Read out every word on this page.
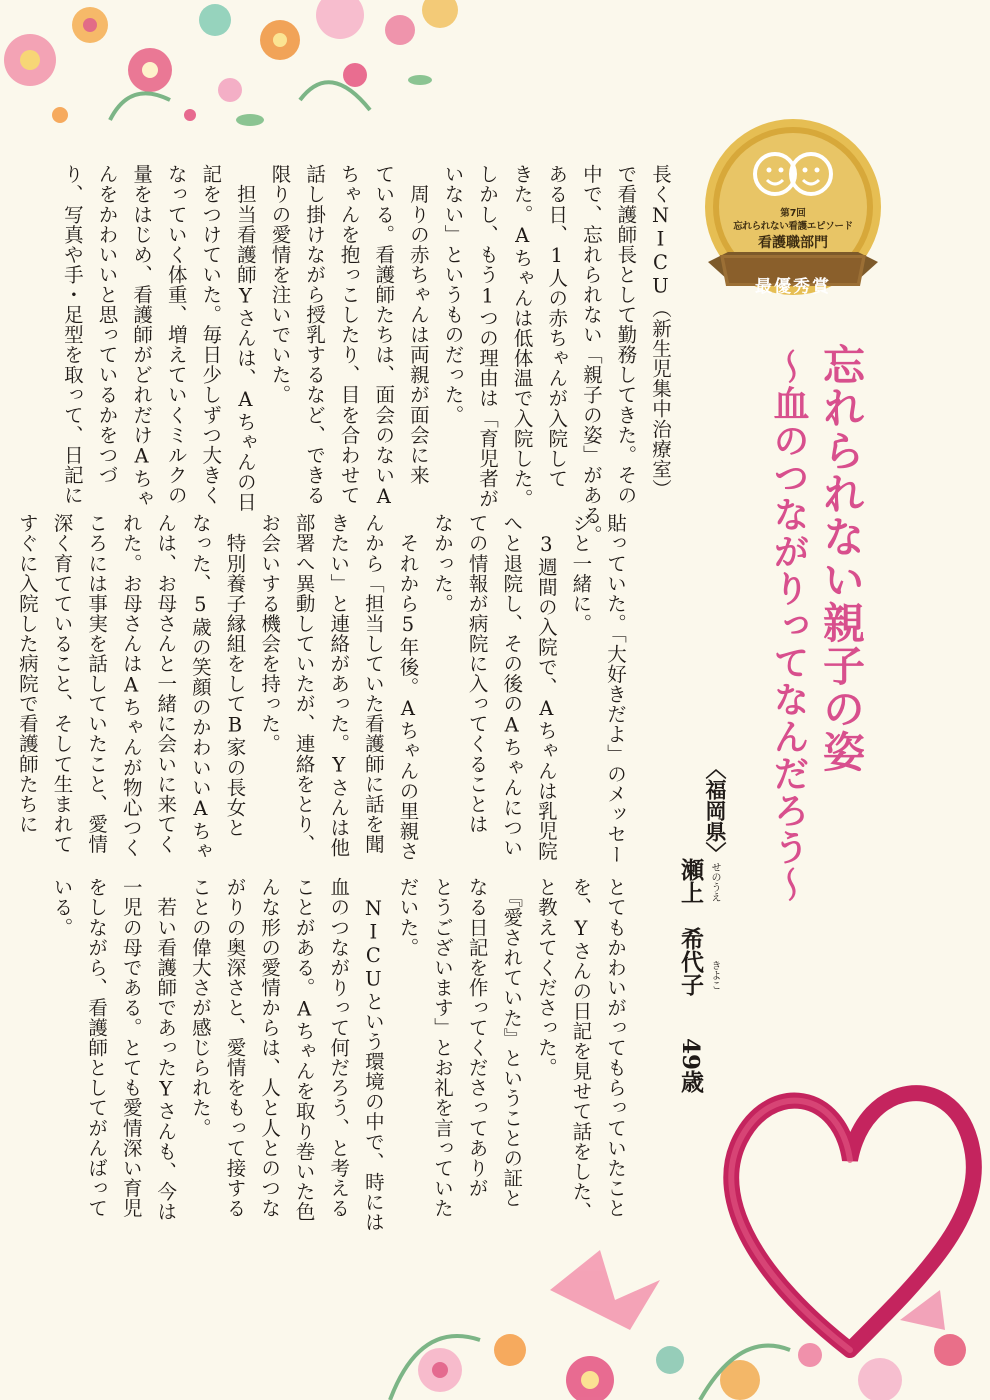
第7回
忘れられない看護エピソード
看護職部門
最優秀賞
忘れられない親子の姿
〜血のつながりってなんだろう〜
〈福岡県〉
瀬上　希代子 せのうえ
きよこ
49歳
長くNICU（新生児集中治療室）
で看護師長として勤務してきた。その
中で、忘れられない「親子の姿」がある。
ある日、1人の赤ちゃんが入院して
きた。Aちゃんは低体温で入院した。
しかし、もう1つの理由は「育児者が
いない」というものだった。
　周りの赤ちゃんは両親が面会に来
ている。看護師たちは、面会のないA
ちゃんを抱っこしたり、目を合わせて
話し掛けながら授乳するなど、できる
限りの愛情を注いでいた。
　担当看護師Yさんは、Aちゃんの日
記をつけていた。毎日少しずつ大きく
なっていく体重、増えていくミルクの
量をはじめ、看護師がどれだけAちゃ
んをかわいいと思っているかをつづ
り、写真や手・足型を取って、日記に
貼っていた。「大好きだよ」のメッセー
ジと一緒に。
　3週間の入院で、Aちゃんは乳児院
へと退院し、その後のAちゃんについ
ての情報が病院に入ってくることは
なかった。
　それから5年後。Aちゃんの里親さ
んから「担当していた看護師に話を聞
きたい」と連絡があった。Yさんは他
部署へ異動していたが、連絡をとり、
お会いする機会を持った。
　特別養子縁組をしてB家の長女と
なった、5歳の笑顔のかわいいAちゃ
んは、お母さんと一緒に会いに来てく
れた。お母さんはAちゃんが物心つく
ころには事実を話していたこと、愛情
深く育てていること、そして生まれて
すぐに入院した病院で看護師たちに
とてもかわいがってもらっていたこと
を、Yさんの日記を見せて話をした、
と教えてくださった。
　『愛されていた』ということの証と
なる日記を作ってくださってありが
とうございます」とお礼を言っていた
だいた。
　NICUという環境の中で、時には
血のつながりって何だろう、と考える
ことがある。Aちゃんを取り巻いた色
んな形の愛情からは、人と人とのつな
がりの奥深さと、愛情をもって接する
ことの偉大さが感じられた。
　若い看護師であったYさんも、今は
一児の母である。とても愛情深い育児
をしながら、看護師としてがんばって
いる。
